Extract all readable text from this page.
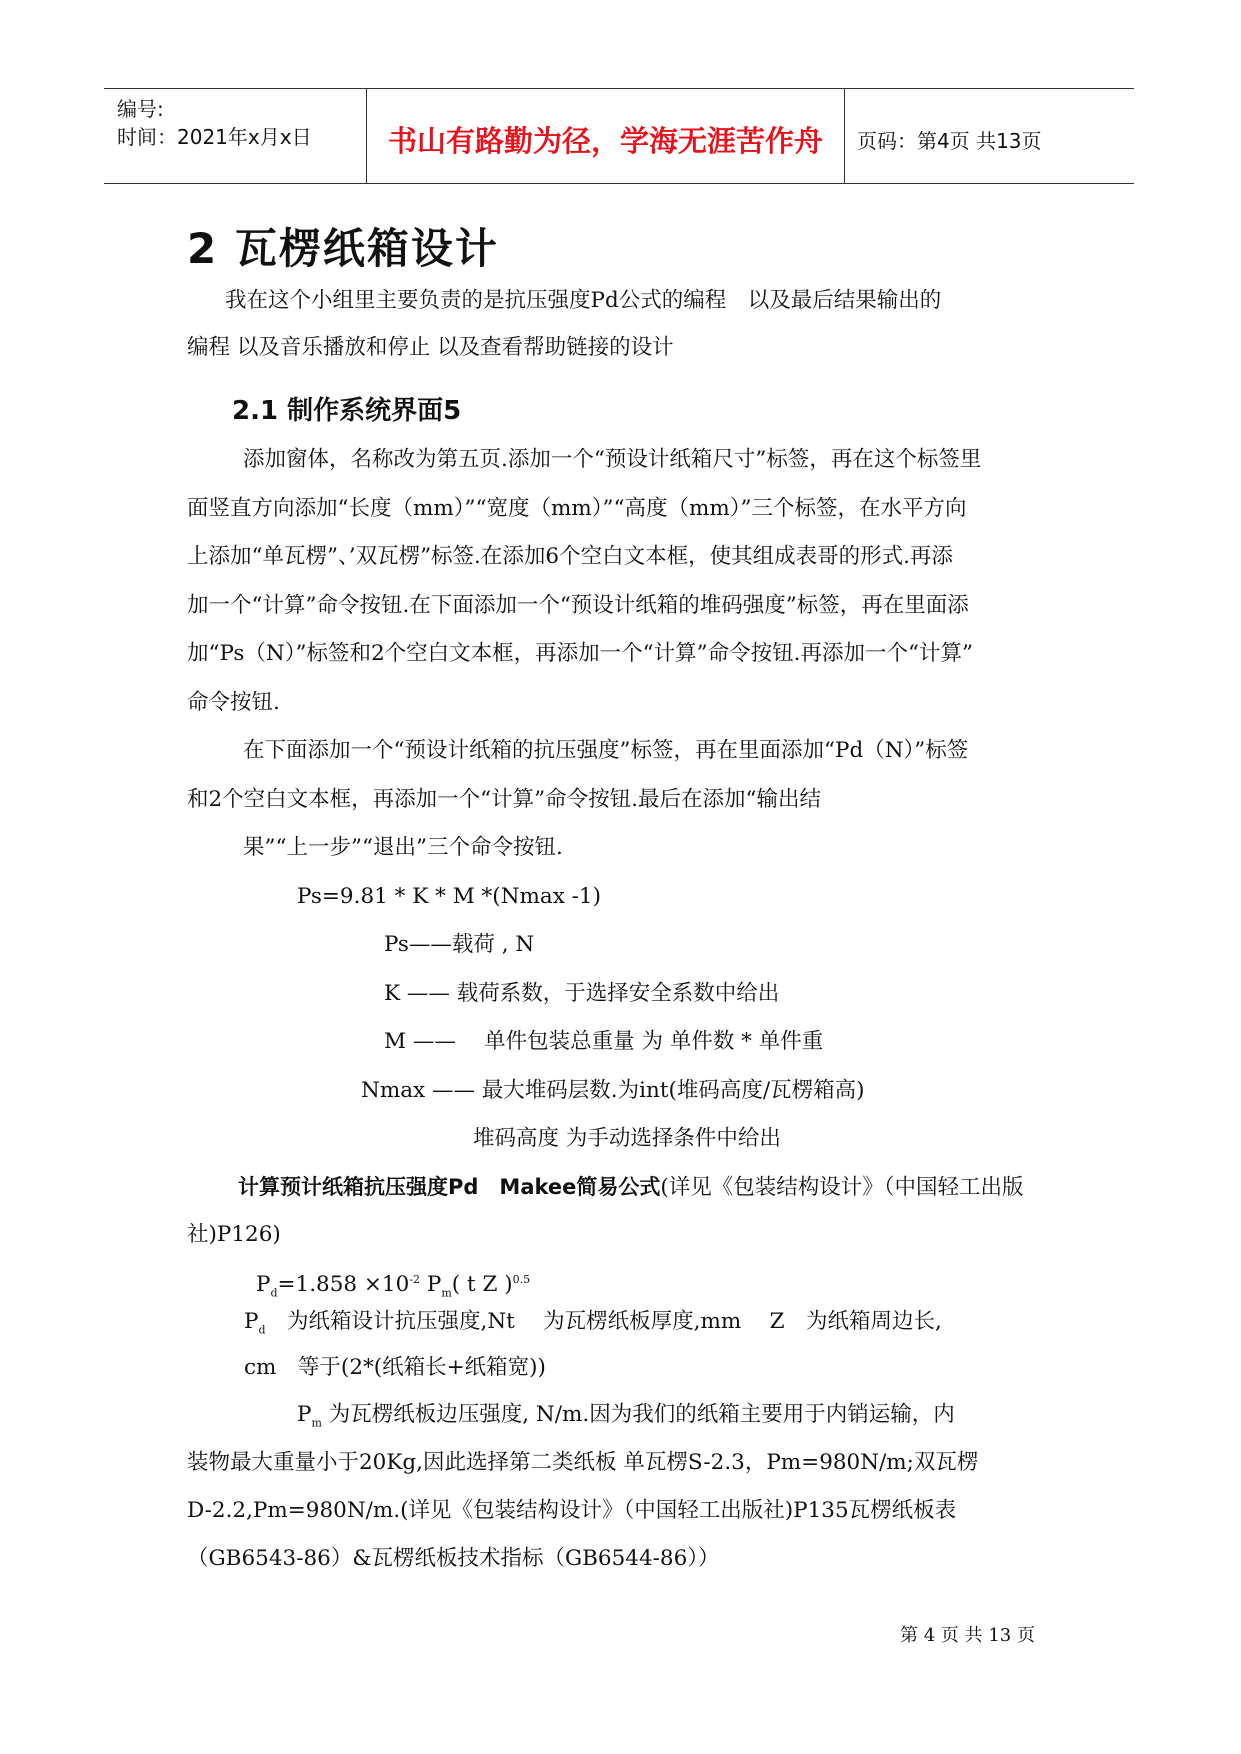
编号:
时间：2021年x月x日	书山有路勤为径，学海无涯苦作舟	页码：第4页 共13页
2 瓦楞纸箱设计
我在这个小组里主要负责的是抗压强度Pd公式的编程　以及最后结果输出的
编程 以及音乐播放和停止 以及查看帮助链接的设计
2.1 制作系统界面5
添加窗体，名称改为第五页.添加一个“预设计纸箱尺寸”标签，再在这个标签里
面竖直方向添加“长度（mm）”“宽度（mm）”“高度（mm）”三个标签，在水平方向
上添加“单瓦楞”、’双瓦楞”标签.在添加6个空白文本框，使其组成表哥的形式.再添
加一个“计算”命令按钮.在下面添加一个“预设计纸箱的堆码强度”标签，再在里面添
加“Ps（N）”标签和2个空白文本框，再添加一个“计算”命令按钮.再添加一个“计算”
命令按钮.
在下面添加一个“预设计纸箱的抗压强度”标签，再在里面添加“Pd（N）”标签
和2个空白文本框，再添加一个“计算”命令按钮.最后在添加“输出结
果”“上一步”“退出”三个命令按钮.
Ps=9.81 * K * M *(Nmax -1)
Ps——载荷 , N
K —— 载荷系数，于选择安全系数中给出
M ——　 单件包装总重量 为 单件数 * 单件重
Nmax —— 最大堆码层数.为int(堆码高度/瓦楞箱高)
堆码高度 为手动选择条件中给出
计算预计纸箱抗压强度Pd　Makee简易公式(详见《包装结构设计》（中国轻工出版
社)P126)
$P_d=1.858 \times 10^{-2}$ $P_m$( t Z )$^{0.5}$
$P_d$　为纸箱设计抗压强度,Nt　 为瓦楞纸板厚度,mm　 Z　为纸箱周边长,
cm　等于(2*(纸箱长+纸箱宽))
$P_m$ 为瓦楞纸板边压强度, N/m.因为我们的纸箱主要用于内销运输，内
装物最大重量小于20Kg,因此选择第二类纸板 单瓦楞S-2.3，Pm=980N/m;双瓦楞
D-2.2,Pm=980N/m.(详见《包装结构设计》（中国轻工出版社)P135瓦楞纸板表
（GB6543-86）&瓦楞纸板技术指标（GB6544-86））
第 4 页 共 13 页
